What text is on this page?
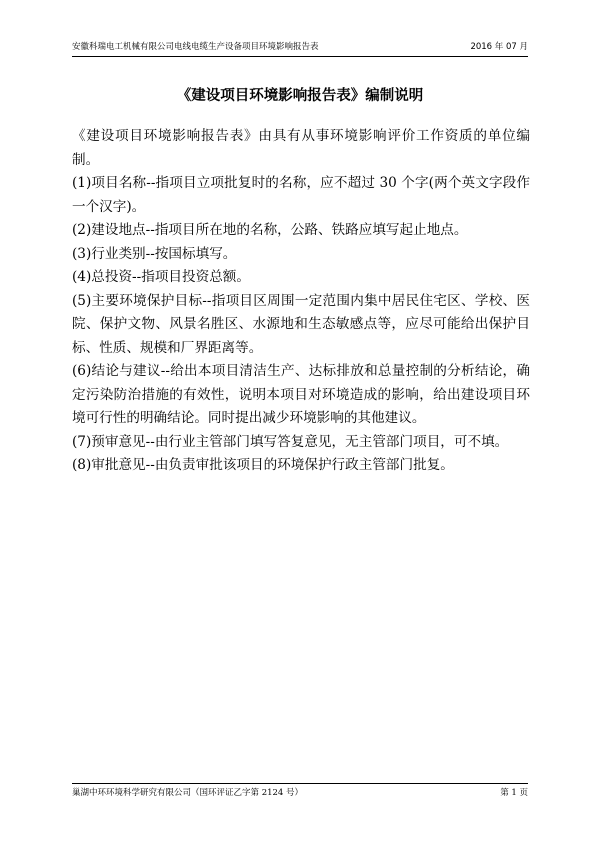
安徽科瑞电工机械有限公司电线电缆生产设备项目环境影响报告表	2016 年 07 月
《建设项目环境影响报告表》编制说明

《建设项目环境影响报告表》由具有从事环境影响评价工作资质的单位编制。

(1)项目名称--指项目立项批复时的名称，应不超过 30 个字(两个英文字段作一个汉字)。

(2)建设地点--指项目所在地的名称，公路、铁路应填写起止地点。

(3)行业类别--按国标填写。

(4)总投资--指项目投资总额。

(5)主要环境保护目标--指项目区周围一定范围内集中居民住宅区、学校、医院、保护文物、风景名胜区、水源地和生态敏感点等，应尽可能给出保护目标、性质、规模和厂界距离等。

(6)结论与建议--给出本项目清洁生产、达标排放和总量控制的分析结论，确定污染防治措施的有效性，说明本项目对环境造成的影响，给出建设项目环境可行性的明确结论。同时提出减少环境影响的其他建议。

(7)预审意见--由行业主管部门填写答复意见，无主管部门项目，可不填。

(8)审批意见--由负责审批该项目的环境保护行政主管部门批复。

巢湖中环环境科学研究有限公司（国环评证乙字第 2124 号）	第 1 页
